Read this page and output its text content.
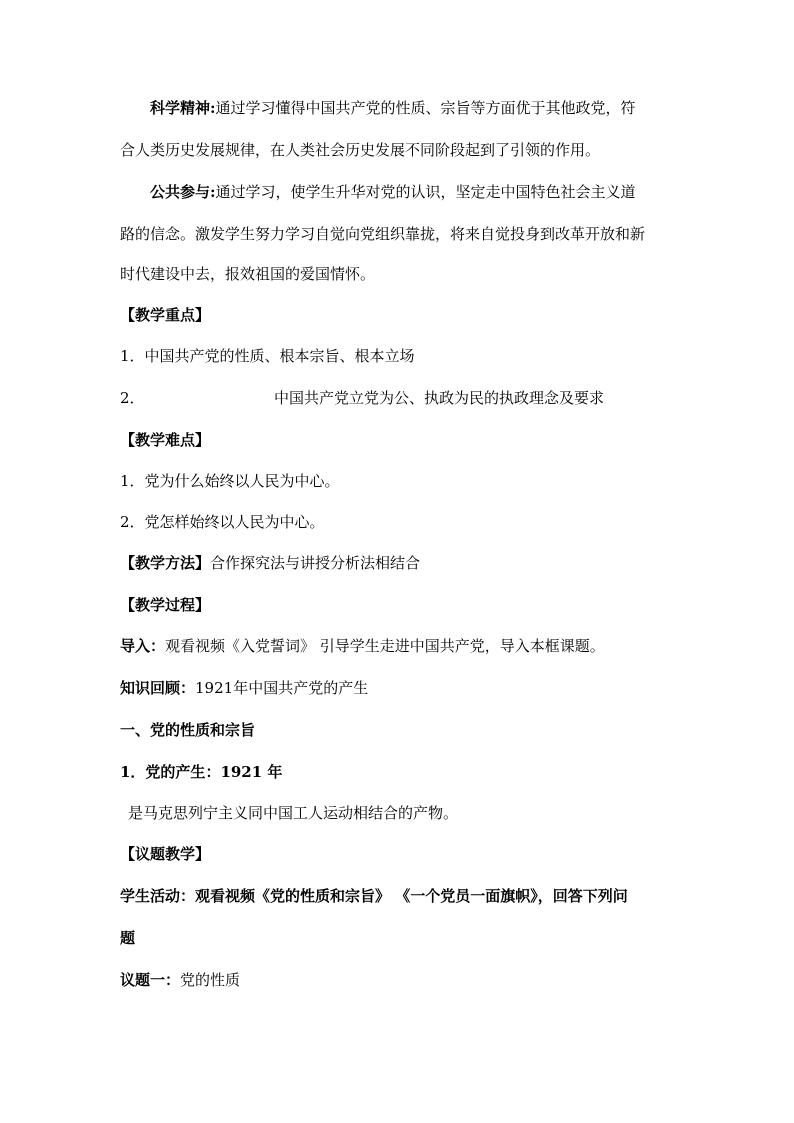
科学精神:通过学习懂得中国共产党的性质、宗旨等方面优于其他政党，符
合人类历史发展规律，在人类社会历史发展不同阶段起到了引领的作用。
公共参与:通过学习，使学生升华对党的认识，坚定走中国特色社会主义道
路的信念。激发学生努力学习自觉向党组织靠拢，将来自觉投身到改革开放和新
时代建设中去，报效祖国的爱国情怀。
【教学重点】
1．中国共产党的性质、根本宗旨、根本立场
2．	中国共产党立党为公、执政为民的执政理念及要求
【教学难点】
1．党为什么始终以人民为中心。
2．党怎样始终以人民为中心。
【教学方法】合作探究法与讲授分析法相结合
【教学过程】
导入：观看视频《入党誓词》 引导学生走进中国共产党，导入本框课题。
知识回顾：1921年中国共产党的产生
一、党的性质和宗旨
1．党的产生：1921 年
是马克思列宁主义同中国工人运动相结合的产物。
【议题教学】
学生活动：观看视频《党的性质和宗旨》 《一个党员一面旗帜》，回答下列问
题
议题一：党的性质
